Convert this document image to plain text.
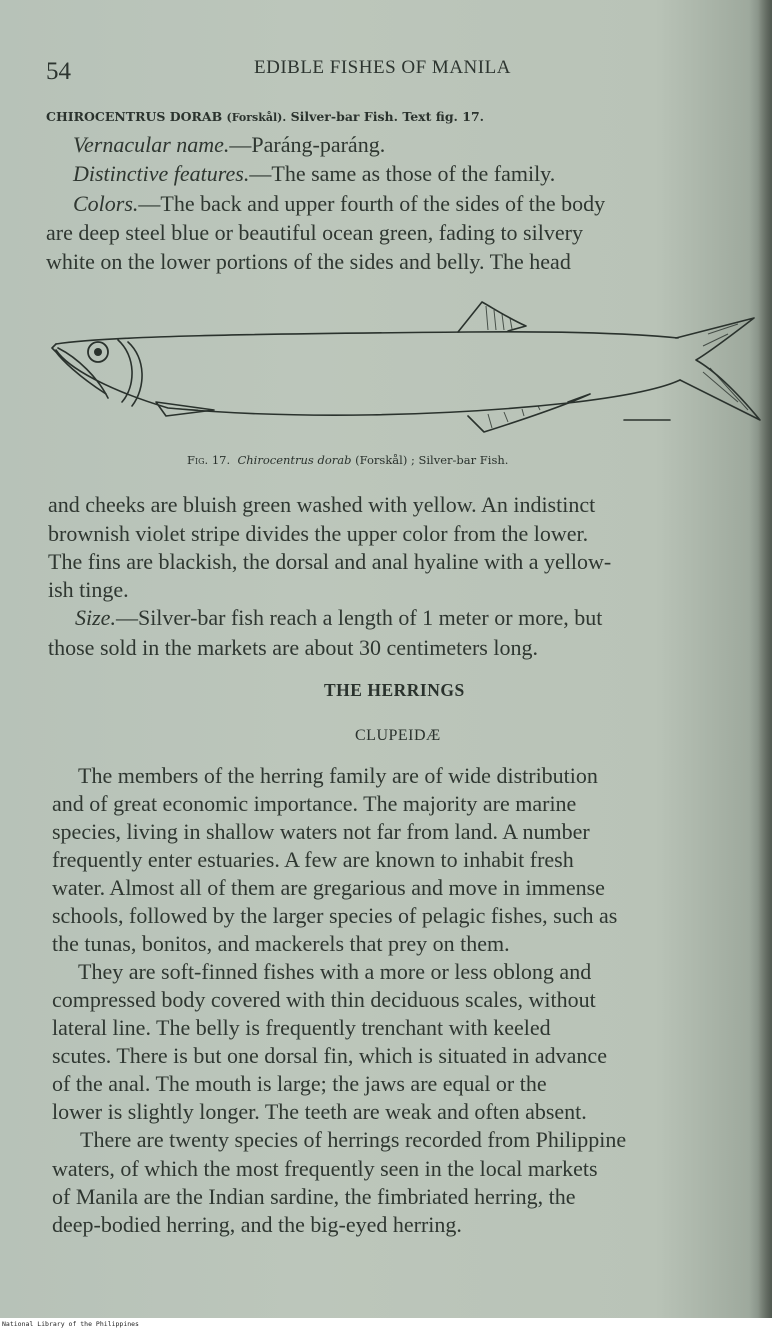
54	EDIBLE FISHES OF MANILA
CHIROCENTRUS DORAB (Forskål). Silver-bar Fish. Text fig. 17.
Vernacular name.—Paráng-paráng.
Distinctive features.—The same as those of the family.
Colors.—The back and upper fourth of the sides of the body
are deep steel blue or beautiful ocean green, fading to silvery
white on the lower portions of the sides and belly. The head
Fig. 17. Chirocentrus dorab (Forskål) ; Silver-bar Fish.
and cheeks are bluish green washed with yellow. An indistinct
brownish violet stripe divides the upper color from the lower.
The fins are blackish, the dorsal and anal hyaline with a yellow-
ish tinge.
Size.—Silver-bar fish reach a length of 1 meter or more, but
those sold in the markets are about 30 centimeters long.
THE HERRINGS
CLUPEIDÆ
The members of the herring family are of wide distribution
and of great economic importance. The majority are marine
species, living in shallow waters not far from land. A number
frequently enter estuaries. A few are known to inhabit fresh
water. Almost all of them are gregarious and move in immense
schools, followed by the larger species of pelagic fishes, such as
the tunas, bonitos, and mackerels that prey on them.
They are soft-finned fishes with a more or less oblong and
compressed body covered with thin deciduous scales, without
lateral line. The belly is frequently trenchant with keeled
scutes. There is but one dorsal fin, which is situated in advance
of the anal. The mouth is large; the jaws are equal or the
lower is slightly longer. The teeth are weak and often absent.
There are twenty species of herrings recorded from Philippine
waters, of which the most frequently seen in the local markets
of Manila are the Indian sardine, the fimbriated herring, the
deep-bodied herring, and the big-eyed herring.
National Library of the Philippines
